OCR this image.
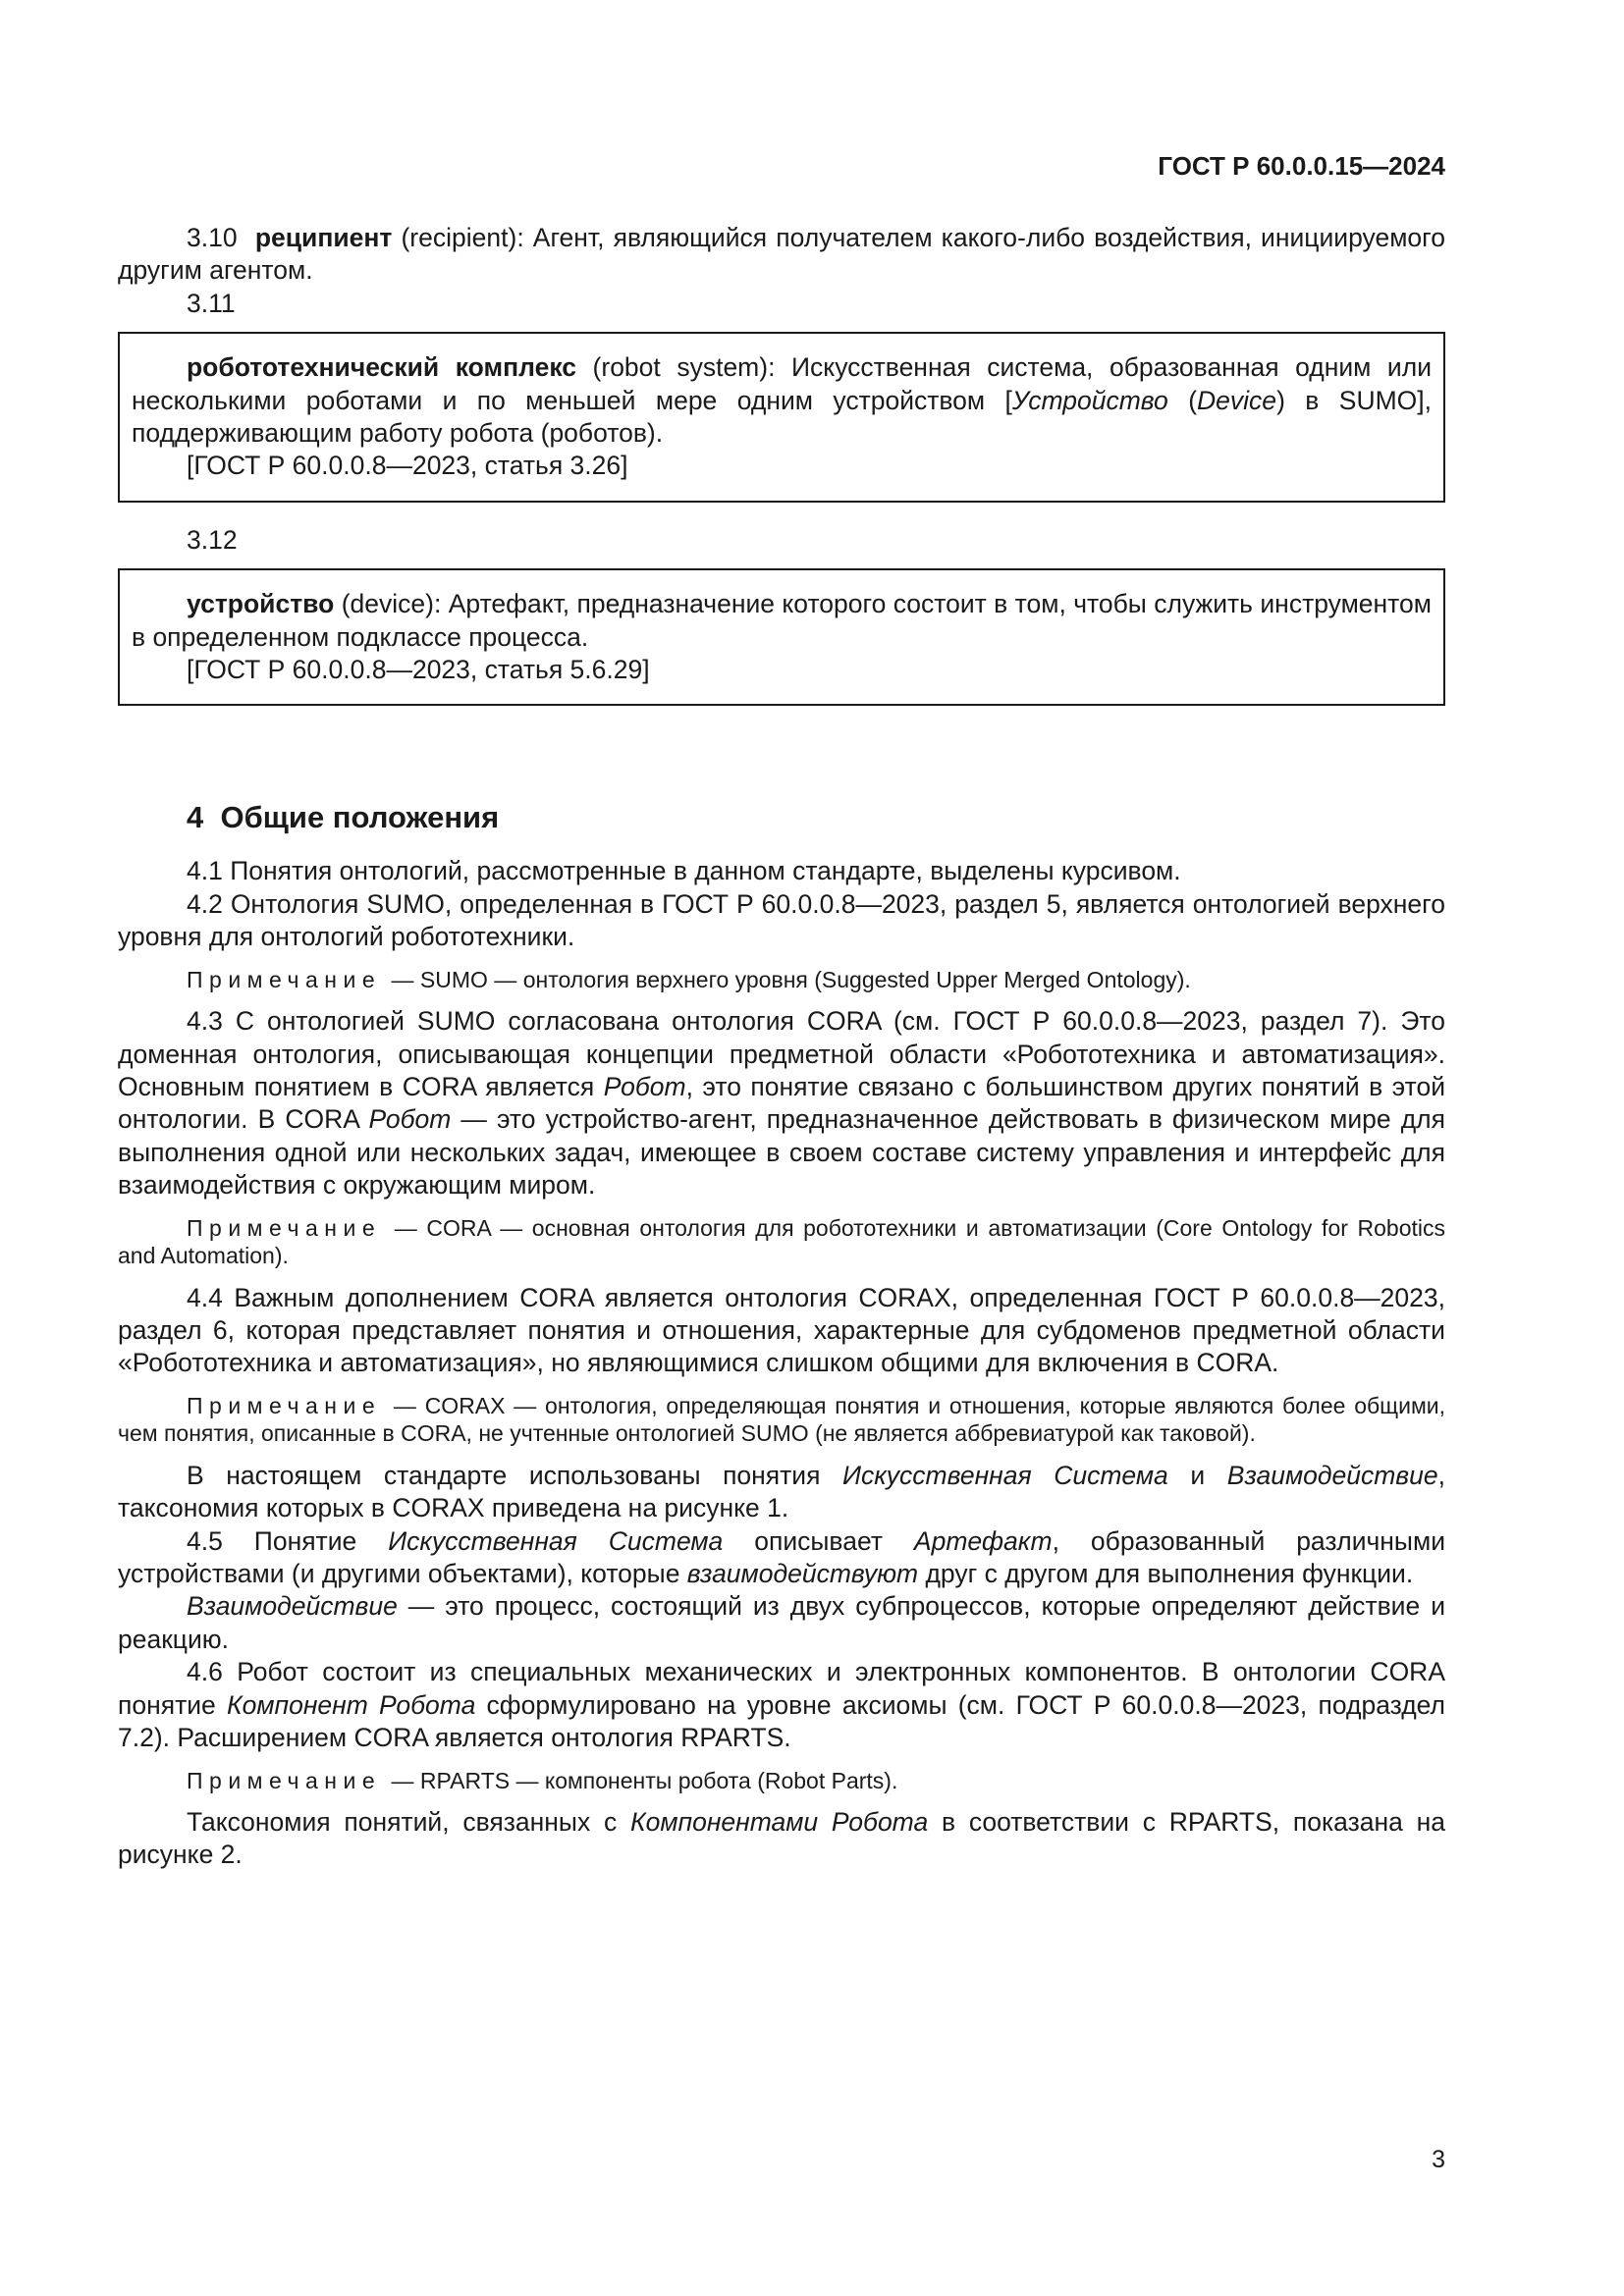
ГОСТ Р 60.0.0.15—2024

3.10 реципиент (recipient): Агент, являющийся получателем какого-либо воздействия, инициируемого другим агентом.

3.11

робототехнический комплекс (robot system): Искусственная система, образованная одним или несколькими роботами и по меньшей мере одним устройством [Устройство (Device) в SUMO], поддерживающим работу робота (роботов).

[ГОСТ Р 60.0.0.8—2023, статья 3.26]

3.12

устройство (device): Артефакт, предназначение которого состоит в том, чтобы служить инструментом в определенном подклассе процесса.

[ГОСТ Р 60.0.0.8—2023, статья 5.6.29]

4 Общие положения

4.1 Понятия онтологий, рассмотренные в данном стандарте, выделены курсивом.

4.2 Онтология SUMO, определенная в ГОСТ Р 60.0.0.8—2023, раздел 5, является онтологией верхнего уровня для онтологий робототехники.

Примечание — SUMO — онтология верхнего уровня (Suggested Upper Merged Ontology).

4.3 С онтологией SUMO согласована онтология CORA (см. ГОСТ Р 60.0.0.8—2023, раздел 7). Это доменная онтология, описывающая концепции предметной области «Робототехника и автоматизация». Основным понятием в CORA является Робот, это понятие связано с большинством других понятий в этой онтологии. В CORA Робот — это устройство-агент, предназначенное действовать в физическом мире для выполнения одной или нескольких задач, имеющее в своем составе систему управления и интерфейс для взаимодействия с окружающим миром.

Примечание — CORA — основная онтология для робототехники и автоматизации (Core Ontology for Robotics and Automation).

4.4 Важным дополнением CORA является онтология CORAX, определенная ГОСТ Р 60.0.0.8—2023, раздел 6, которая представляет понятия и отношения, характерные для субдоменов предметной области «Робототехника и автоматизация», но являющимися слишком общими для включения в CORA.

Примечание — CORAX — онтология, определяющая понятия и отношения, которые являются более общими, чем понятия, описанные в CORA, не учтенные онтологией SUMO (не является аббревиатурой как таковой).

В настоящем стандарте использованы понятия Искусственная Система и Взаимодействие, таксономия которых в CORAX приведена на рисунке 1.

4.5 Понятие Искусственная Система описывает Артефакт, образованный различными устройствами (и другими объектами), которые взаимодействуют друг с другом для выполнения функции.

Взаимодействие — это процесс, состоящий из двух субпроцессов, которые определяют действие и реакцию.

4.6 Робот состоит из специальных механических и электронных компонентов. В онтологии CORA понятие Компонент Робота сформулировано на уровне аксиомы (см. ГОСТ Р 60.0.0.8—2023, подраздел 7.2). Расширением CORA является онтология RPARTS.

Примечание — RPARTS — компоненты робота (Robot Parts).

Таксономия понятий, связанных с Компонентами Робота в соответствии с RPARTS, показана на рисунке 2.

3
